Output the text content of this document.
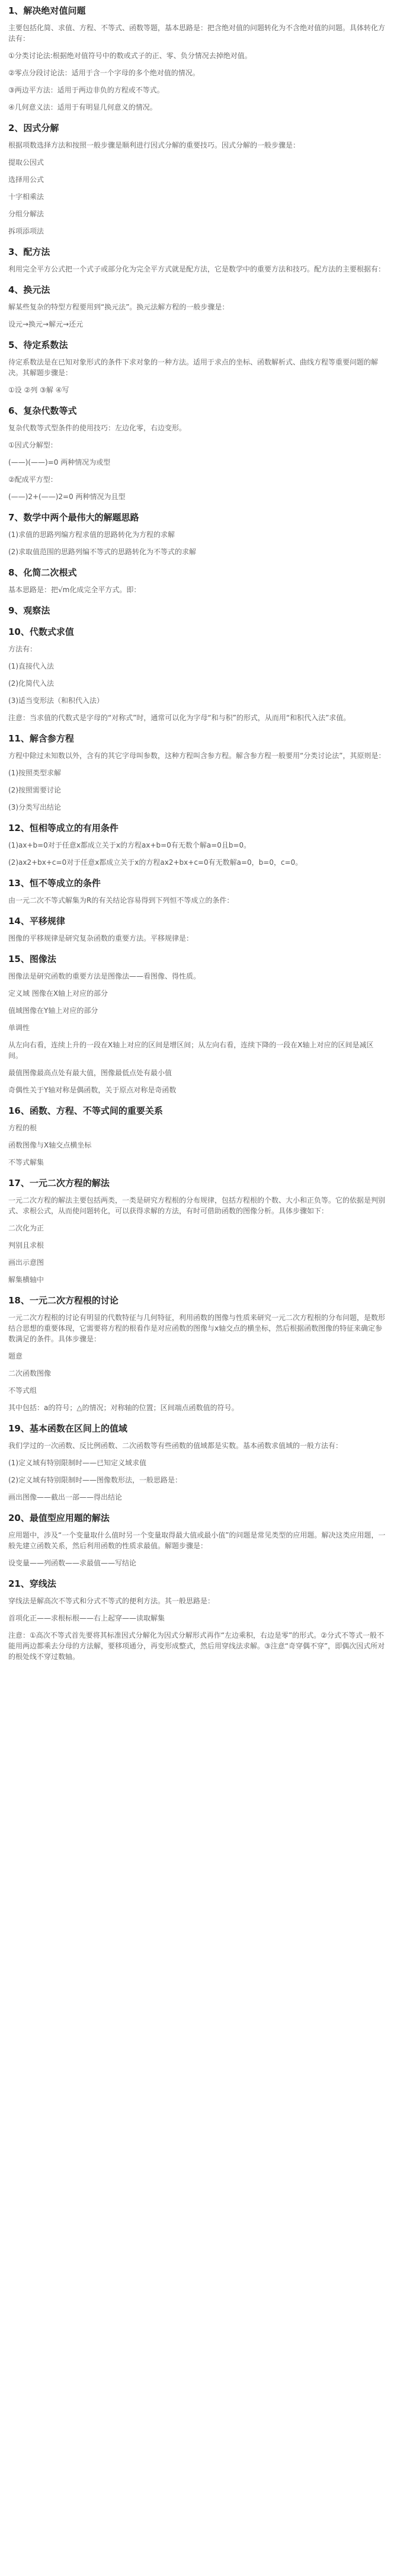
1、解决绝对值问题

主要包括化简、求值、方程、不等式、函数等题，基本思路是：把含绝对值的问题转化为不含绝对值的问题。具体转化方法有：

①分类讨论法:根据绝对值符号中的数或式子的正、零、负分情况去掉绝对值。

②零点分段讨论法：适用于含一个字母的多个绝对值的情况。

③两边平方法：适用于两边非负的方程或不等式。

④几何意义法：适用于有明显几何意义的情况。

2、因式分解

根据项数选择方法和按照一般步骤是顺利进行因式分解的重要技巧。因式分解的一般步骤是：

提取公因式

选择用公式

十字相乘法

分组分解法

拆项添项法

3、配方法

利用完全平方公式把一个式子或部分化为完全平方式就是配方法，它是数学中的重要方法和技巧。配方法的主要根据有：

4、换元法

解某些复杂的特型方程要用到“换元法”。换元法解方程的一般步骤是：

设元→换元→解元→还元

5、待定系数法

待定系数法是在已知对象形式的条件下求对象的一种方法。适用于求点的坐标、函数解析式、曲线方程等重要问题的解决。其解题步骤是：

①设 ②列 ③解 ④写

6、复杂代数等式

复杂代数等式型条件的使用技巧：左边化零，右边变形。

①因式分解型：

(——)(——)=0 两种情况为或型

②配成平方型：

(——)2+(——)2=0 两种情况为且型

7、数学中两个最伟大的解题思路

(1)求值的思路列编方程求值的思路转化为方程的求解

(2)求取值范围的思路列编不等式的思路转化为不等式的求解

8、化简二次根式

基本思路是：把√m化成完全平方式。即：

9、观察法
10、代数式求值

方法有：

(1)直接代入法

(2)化简代入法

(3)适当变形法（和积代入法）

注意：当求值的代数式是字母的“对称式”时，通常可以化为字母“和与积”的形式，从而用“和积代入法”求值。

11、解含参方程

方程中除过未知数以外，含有的其它字母叫参数，这种方程叫含参方程。解含参方程一般要用“分类讨论法”，其原则是：

(1)按照类型求解

(2)按照需要讨论

(3)分类写出结论

12、恒相等成立的有用条件

(1)ax+b=0对于任意x都成立关于x的方程ax+b=0有无数个解a=0且b=0。

(2)ax2+bx+c=0对于任意x都成立关于x的方程ax2+bx+c=0有无数解a=0，b=0，c=0。

13、恒不等成立的条件

由一元二次不等式解集为R的有关结论容易得到下列恒不等成立的条件：

14、平移规律

图像的平移规律是研究复杂函数的重要方法。平移规律是：

15、图像法

图像法是研究函数的重要方法是图像法——看图像、得性质。

定义域 图像在X轴上对应的部分

值域图像在Y轴上对应的部分

单调性

从左向右看，连续上升的一段在X轴上对应的区间是增区间；从左向右看，连续下降的一段在X轴上对应的区间是减区间。

最值图像最高点处有最大值，图像最低点处有最小值

奇偶性关于Y轴对称是偶函数，关于原点对称是奇函数

16、函数、方程、不等式间的重要关系

方程的根

函数图像与X轴交点横坐标

不等式解集

17、一元二次方程的解法

一元二次方程的解法主要包括两类，一类是研究方程根的分布规律，包括方程根的个数、大小和正负等。它的依据是判别式、求根公式，从而使问题转化，可以获得求解的方法，有时可借助函数的图像分析。具体步骤如下：

二次化为正

判别且求根

画出示意图

解集横轴中

18、一元二次方程根的讨论

一元二次方程根的讨论有明显的代数特征与几何特征，利用函数的图像与性质来研究一元二次方程根的分布问题，是数形结合思想的重要体现，它需要将方程的根看作是对应函数的图像与x轴交点的横坐标，然后根据函数图像的特征来确定参数满足的条件。具体步骤是：

题意

二次函数图像

不等式组

其中包括：a的符号；△的情况；对称轴的位置；区间端点函数值的符号。

19、基本函数在区间上的值域

我们学过的一次函数、反比例函数、二次函数等有些函数的值域都是实数。基本函数求值域的一般方法有：

(1)定义域有特别限制时——已知定义域求值

(2)定义域有特别限制时——图像数形法，一般思路是：

画出图像——截出一部——得出结论

20、最值型应用题的解法

应用题中，涉及“一个变量取什么值时另一个变量取得最大值或最小值”的问题是常见类型的应用题。解决这类应用题，一般先建立函数关系，然后利用函数的性质求最值。解题步骤是：

设变量——列函数——求最值——写结论

21、穿线法

穿线法是解高次不等式和分式不等式的便利方法。其一般思路是：

首项化正——求根标根——右上起穿——读取解集

注意：①高次不等式首先要将其标准因式分解化为因式分解形式再作“左边乘积，右边是零”的形式。②分式不等式一般不能用两边都乘去分母的方法解，要移项通分，再变形成整式，然后用穿线法求解。③注意“奇穿偶不穿”，即偶次因式所对的根处线不穿过数轴。
